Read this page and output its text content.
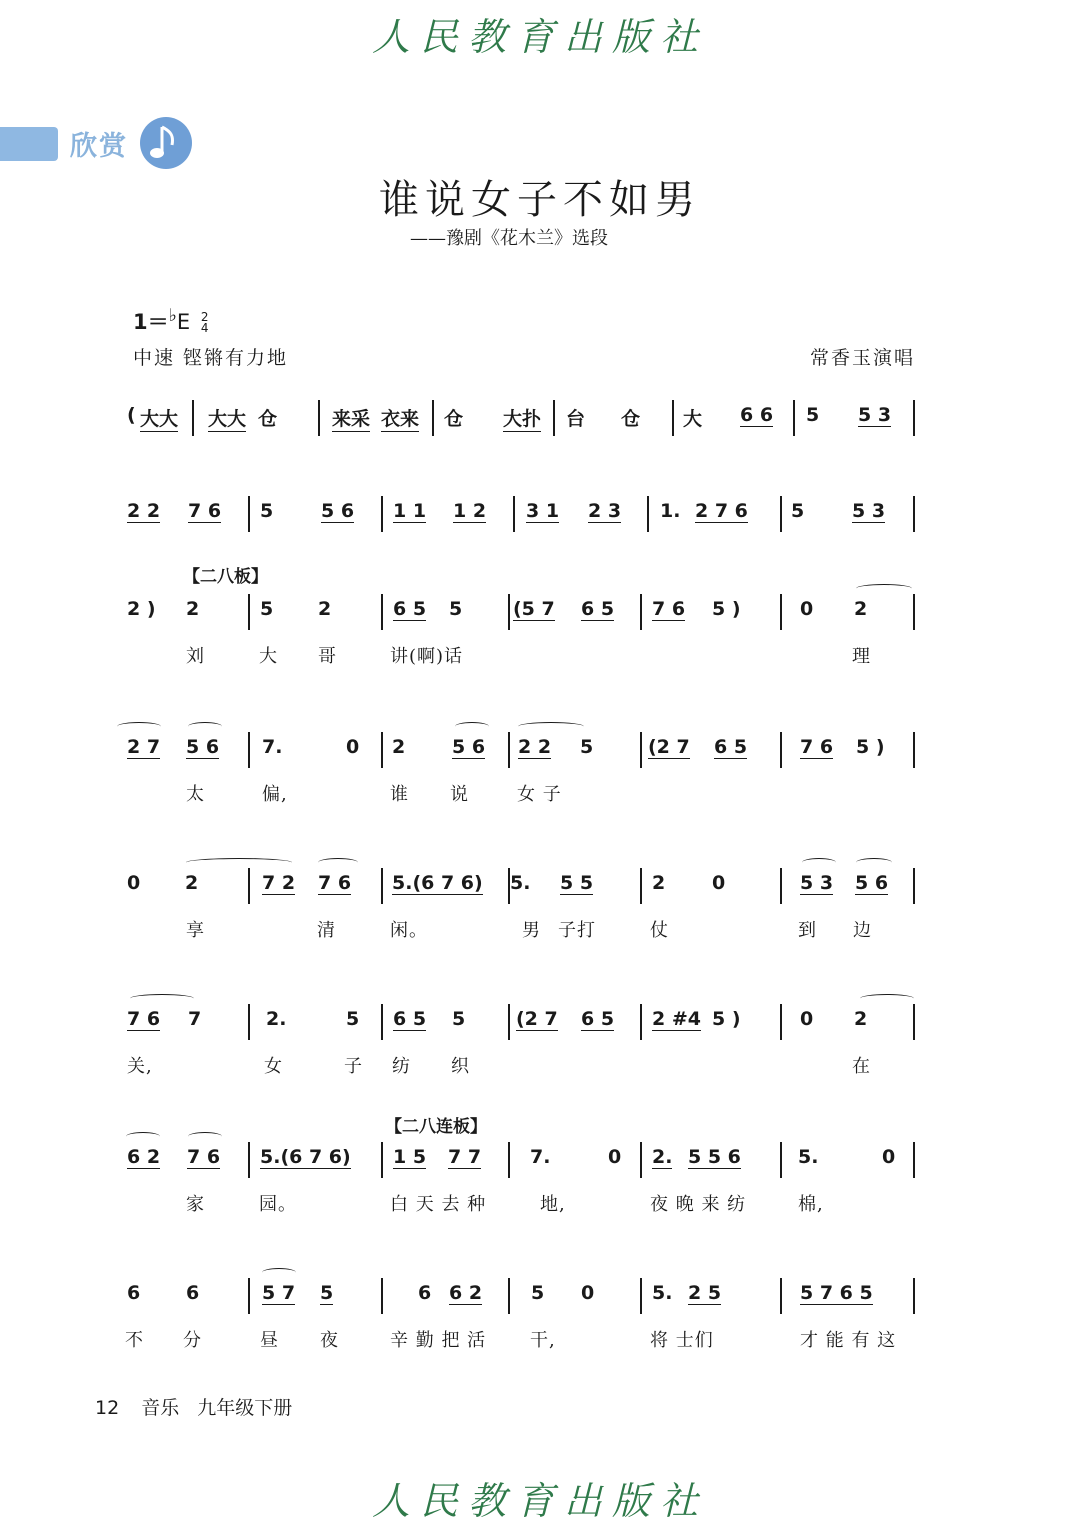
人民教育出版社
欣赏
谁说女子不如男
——豫剧《花木兰》选段
1＝♭E 2
4
中速 铿锵有力地	常香玉演唱
( 大大 大大 仓	来采 衣来 仓 大扑 台 仓 大 6 6 5 5 3
2 2 7 6 5	5 6 1 1 1 2 3 1 2 3 1. 2 7 6 5	5 3
【二八板】
2 ) 2	5 2	6 5 5	(5 7 6 5 7 6 5 )	0 2
刘	大 哥	讲(啊)话	理
2 7 5 6 7.	0 2 5 6 2 2 5	(2 7 6 5	7 6 5 )
太	偏,	谁 说	女 子
0 2	7 2 7 6 5.(6 7 6) 5. 5 5	2 0	5 3 5 6
享	清	闲。	男 子打	仗	到 边
7 6 7	2.	5 6 5 5	(2 7 6 5 2 #4 5 )	0 2
关,	女	子 纺 织	在
【二八连板】
6 2 7 6 5.(6 7 6) 1 5 7 7	7.	0 2. 5 5 6	5.	0
家	园。	白 天 去 种	地,	夜 晚 来 纺	棉,
6 6	5 7 5	6 6 2	5 0	5. 2 5	5 7 6 5
不 分	昼 夜	辛 勤 把 活 干,	将 士们	才 能 有 这
12 音乐 九年级下册
人民教育出版社
